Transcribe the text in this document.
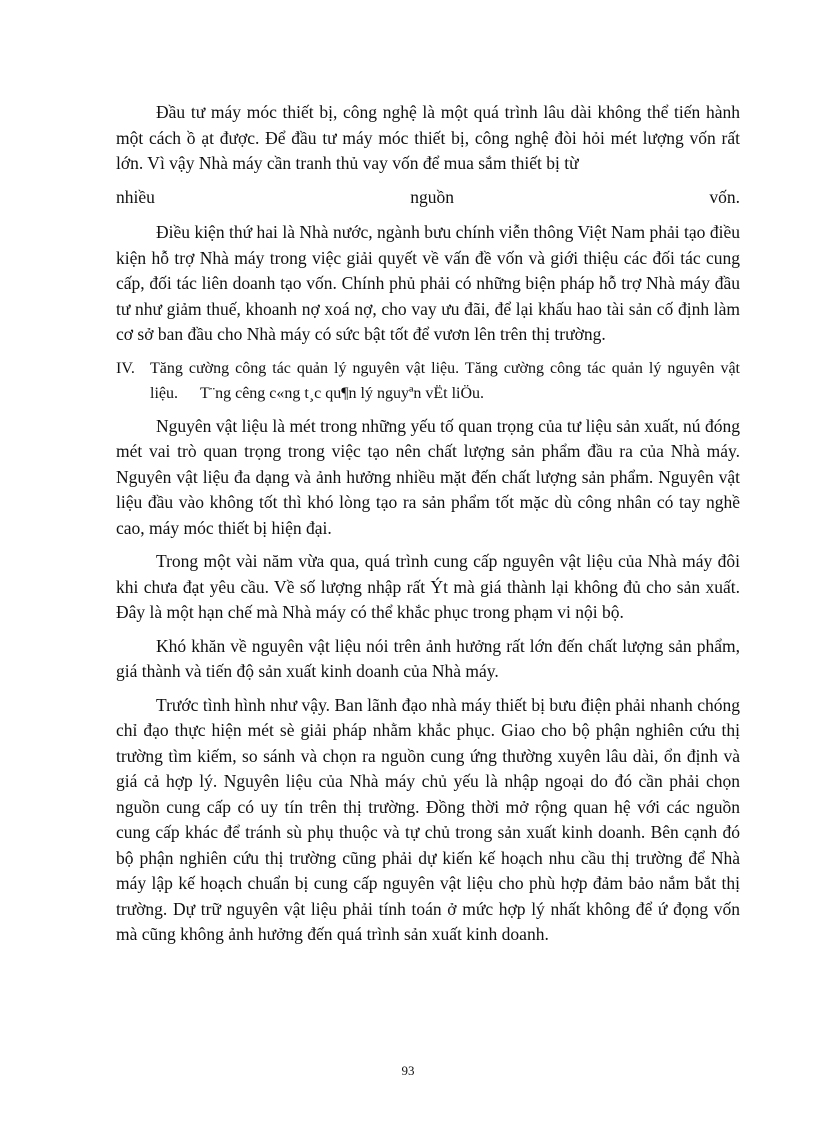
Đầu tư máy móc thiết bị, công nghệ là một quá trình lâu dài không thể tiến hành một cách ồ ạt được. Để đầu tư máy móc thiết bị, công nghệ đòi hỏi mét lượng vốn rất lớn. Vì vậy Nhà máy cần tranh thủ vay vốn để mua sắm thiết bị từ

nhiều	nguồn	vốn.

Điều kiện thứ hai là Nhà nước, ngành bưu chính viễn thông Việt Nam phải tạo điều kiện hỗ trợ Nhà máy trong việc giải quyết về vấn đề vốn và giới thiệu các đối tác cung cấp, đối tác liên doanh tạo vốn. Chính phủ phải có những biện pháp hỗ trợ Nhà máy đầu tư như giảm thuế, khoanh nợ xoá nợ, cho vay ưu đãi, để lại khấu hao tài sản cố định làm cơ sở ban đầu cho Nhà máy có sức bật tốt để vươn lên trên thị trường.

IV. Tăng cường công tác quản lý nguyên vật liệu. Tăng cường công tác quản lý nguyên vật liệu. T¨ng cêng c«ng t¸c qu¶n lý nguyªn vËt liÖu.

Nguyên vật liệu là mét trong những yếu tố quan trọng của tư liệu sản xuất, nú đóng mét vai trò quan trọng trong việc tạo nên chất lượng sản phẩm đầu ra của Nhà máy. Nguyên vật liệu đa dạng và ảnh hưởng nhiều mặt đến chất lượng sản phẩm. Nguyên vật liệu đầu vào không tốt thì khó lòng tạo ra sản phẩm tốt mặc dù công nhân có tay nghề cao, máy móc thiết bị hiện đại.

Trong một vài năm vừa qua, quá trình cung cấp nguyên vật liệu của Nhà máy đôi khi chưa đạt yêu cầu. Về số lượng nhập rất Ýt mà giá thành lại không đủ cho sản xuất. Đây là một hạn chế mà Nhà máy có thể khắc phục trong phạm vi nội bộ.

Khó khăn về nguyên vật liệu nói trên ảnh hưởng rất lớn đến chất lượng sản phẩm, giá thành và tiến độ sản xuất kinh doanh của Nhà máy.

Trước tình hình như vậy. Ban lãnh đạo nhà máy thiết bị bưu điện phải nhanh chóng chỉ đạo thực hiện mét sè giải pháp nhằm khắc phục. Giao cho bộ phận nghiên cứu thị trường tìm kiếm, so sánh và chọn ra nguồn cung ứng thường xuyên lâu dài, ổn định và giá cả hợp lý. Nguyên liệu của Nhà máy chủ yếu là nhập ngoại do đó cần phải chọn nguồn cung cấp có uy tín trên thị trường. Đồng thời mở rộng quan hệ với các nguồn cung cấp khác để tránh sù phụ thuộc và tự chủ trong sản xuất kinh doanh. Bên cạnh đó bộ phận nghiên cứu thị trường cũng phải dự kiến kế hoạch nhu cầu thị trường để Nhà máy lập kế hoạch chuẩn bị cung cấp nguyên vật liệu cho phù hợp đảm bảo nắm bắt thị trường. Dự trữ nguyên vật liệu phải tính toán ở mức hợp lý nhất không để ứ đọng vốn mà cũng không ảnh hưởng đến quá trình sản xuất kinh doanh.

93
